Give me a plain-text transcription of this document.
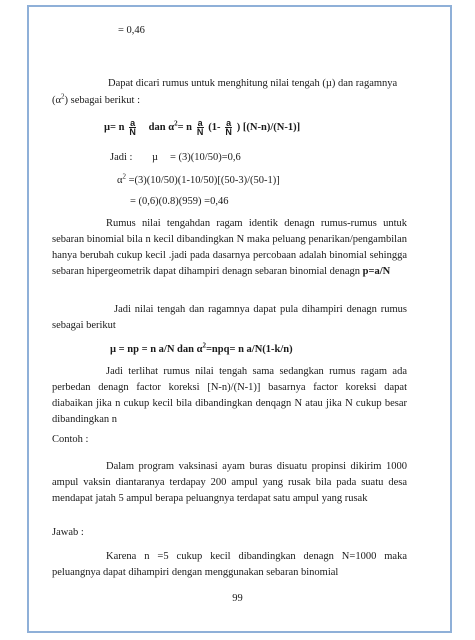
= 0,46
Dapat dicari rumus untuk menghitung nilai tengah (µ) dan ragamnya
$(\alpha^2)$ sebagai berikut :
µ= n $\frac{a}{N}$ dan $\alpha^2= n \frac{a}{N} (1- \frac{a}{N}$ ) [(N-n)/(N-1)]
Jadi : µ = (3)(10/50)=0,6
$\alpha^2 =(3)(10/50)(1-10/50)[(50-3)/(50-1)]$
= (0,6)(0.8)(959) =0,46
Rumus nilai tengahdan ragam identik denagn rumus-rumus untuk sebaran binomial bila n kecil dibandingkan N maka peluang penarikan/pengambilan hanya berubah cukup kecil .jadi pada dasarnya percobaan adalah binomial sehingga sebaran hipergeometrik dapat dihampiri denagn sebaran binomial denagn p=a/N
Jadi nilai tengah dan ragamnya dapat pula dihampiri denagn rumus sebagai berikut
µ = np = n a/N dan $\alpha^2=npq= n$ a/N(1-k/n)
Jadi terlihat rumus nilai tengah sama sedangkan rumus ragam ada perbedan denagn factor koreksi [N-n)/(N-1)] basarnya factor koreksi dapat diabaikan jika n cukup kecil bila dibandingkan denqagn N atau jika N cukup besar dibandingkan n
Contoh :
Dalam program vaksinasi ayam buras disuatu propinsi dikirim 1000 ampul vaksin diantaranya terdapay 200 ampul yang rusak bila pada suatu desa mendapat jatah 5 ampul berapa peluangnya terdapat satu ampul yang rusak
Jawab :
Karena n =5 cukup kecil dibandingkan denagn N=1000 maka peluangnya dapat dihampiri dengan menggunakan sebaran binomial
99
